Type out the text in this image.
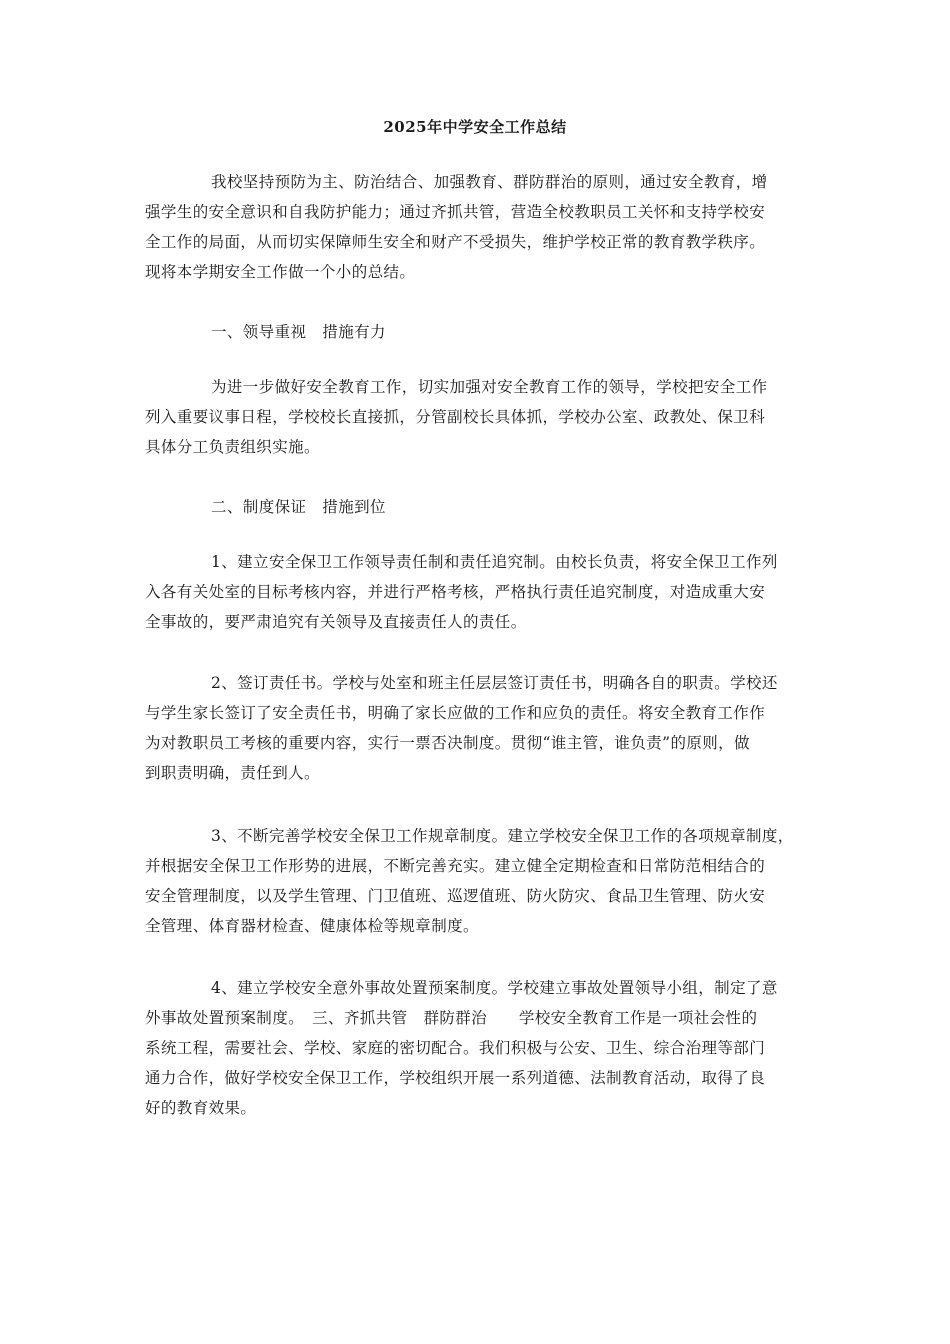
2025年中学安全工作总结

我校坚持预防为主、防治结合、加强教育、群防群治的原则，通过安全教育，增
强学生的安全意识和自我防护能力；通过齐抓共管，营造全校教职员工关怀和支持学校安
全工作的局面，从而切实保障师生安全和财产不受损失，维护学校正常的教育教学秩序。
现将本学期安全工作做一个小的总结。

一、领导重视　措施有力

为进一步做好安全教育工作，切实加强对安全教育工作的领导，学校把安全工作
列入重要议事日程，学校校长直接抓，分管副校长具体抓，学校办公室、政教处、保卫科
具体分工负责组织实施。

二、制度保证　措施到位

1、建立安全保卫工作领导责任制和责任追究制。由校长负责，将安全保卫工作列
入各有关处室的目标考核内容，并进行严格考核，严格执行责任追究制度，对造成重大安
全事故的，要严肃追究有关领导及直接责任人的责任。

2、签订责任书。学校与处室和班主任层层签订责任书，明确各自的职责。学校还
与学生家长签订了安全责任书，明确了家长应做的工作和应负的责任。将安全教育工作作
为对教职员工考核的重要内容，实行一票否决制度。贯彻“谁主管，谁负责”的原则，做
到职责明确，责任到人。

3、不断完善学校安全保卫工作规章制度。建立学校安全保卫工作的各项规章制度，
并根据安全保卫工作形势的进展，不断完善充实。建立健全定期检查和日常防范相结合的
安全管理制度，以及学生管理、门卫值班、巡逻值班、防火防灾、食品卫生管理、防火安
全管理、体育器材检查、健康体检等规章制度。

4、建立学校安全意外事故处置预案制度。学校建立事故处置领导小组，制定了意
外事故处置预案制度。　三、齐抓共管　群防群治　　学校安全教育工作是一项社会性的
系统工程，需要社会、学校、家庭的密切配合。我们积极与公安、卫生、综合治理等部门
通力合作，做好学校安全保卫工作，学校组织开展一系列道德、法制教育活动，取得了良
好的教育效果。
